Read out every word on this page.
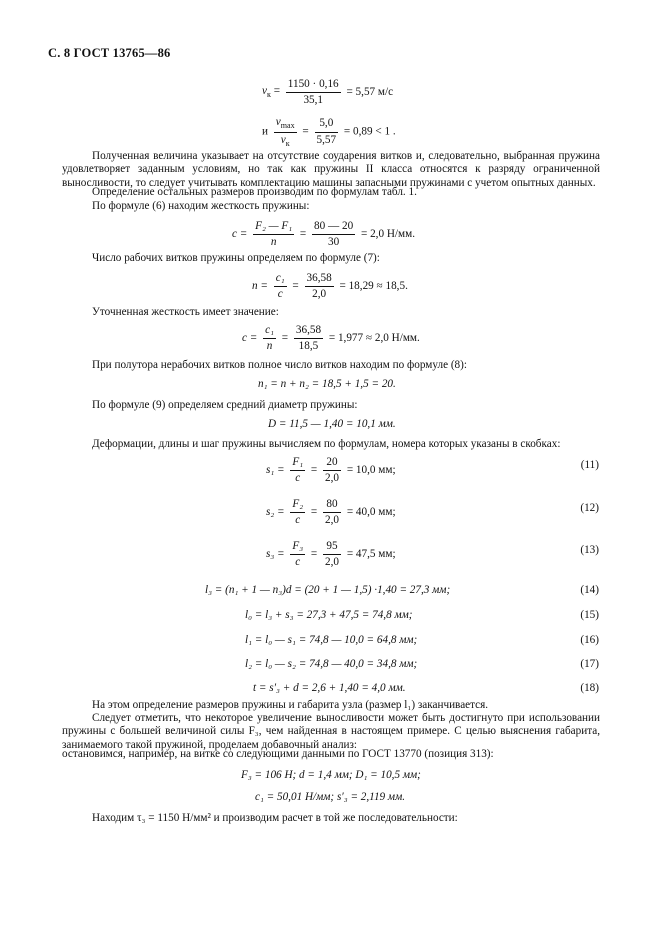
С. 8 ГОСТ 13765—86
$v_к = \frac{1150 \cdot 0,16}{35,1} = 5,57$ м/с
и $\frac{v_{max}}{v_к} = \frac{5,0}{5,57} = 0,89 < 1$ .
Полученная величина указывает на отсутствие соударения витков и, следовательно, выбранная пружина удовлетворяет заданным условиям, но так как пружины II класса относятся к разряду ограниченной выносливости, то следует учитывать комплектацию машины запасными пружинами с учетом опытных данных.
Определение остальных размеров производим по формулам табл. 1.
По формуле (6) находим жесткость пружины:
$c = \frac{\text{F₂ — F₁}}{n} = \frac{80 — 20}{30} = 2,0$ Н/мм.
Число рабочих витков пружины определяем по формуле (7):
$n = \frac{\text{c₁}}{c} = \frac{36,58}{2,0} = 18,29 \approx 18,5$.
Уточненная жесткость имеет значение:
$c = \frac{\text{c₁}}{n} = \frac{36,58}{18,5} = 1,977 \approx 2,0$ Н/мм.
При полутора нерабочих витков полное число витков находим по формуле (8):
n₁ = n + n₂ = 18,5 + 1,5 = 20.
По формуле (9) определяем средний диаметр пружины:
D = 11,5 — 1,40 = 10,1 мм.
Деформации, длины и шаг пружины вычисляем по формулам, номера которых указаны в скобках:
$s_1 = \frac{\text{F₁}}{c} = \frac{20}{2,0} = 10,0$ мм;	(11)
$s_2 = \frac{\text{F₂}}{c} = \frac{80}{2,0} = 40,0$ мм;	(12)
$s_3 = \frac{\text{F₃}}{c} = \frac{95}{2,0} = 47,5$ мм;	(13)
l₃ = (n₁ + 1 — n₃)d = (20 + 1 — 1,5) ·1,40 = 27,3 мм;	(14)
l₀ = l₃ + s₃ = 27,3 + 47,5 = 74,8 мм;	(15)
l₁ = l₀ — s₁ = 74,8 — 10,0 = 64,8 мм;	(16)
l₂ = l₀ — s₂ = 74,8 — 40,0 = 34,8 мм;	(17)
t = s′₃ + d = 2,6 + 1,40 = 4,0 мм.	(18)
На этом определение размеров пружины и габарита узла (размер l₁) заканчивается.
Следует отметить, что некоторое увеличение выносливости может быть достигнуто при использовании пружины с большей величиной силы F₃, чем найденная в настоящем примере. С целью выяснения габарита, занимаемого такой пружиной, проделаем добавочный анализ:
остановимся, например, на витке со следующими данными по ГОСТ 13770 (позиция 313):
F₃ = 106 Н; d = 1,4 мм; D₁ = 10,5 мм;
c₁ = 50,01 Н/мм; s′₃ = 2,119 мм.
Находим τ₃ = 1150 Н/мм² и производим расчет в той же последовательности:
